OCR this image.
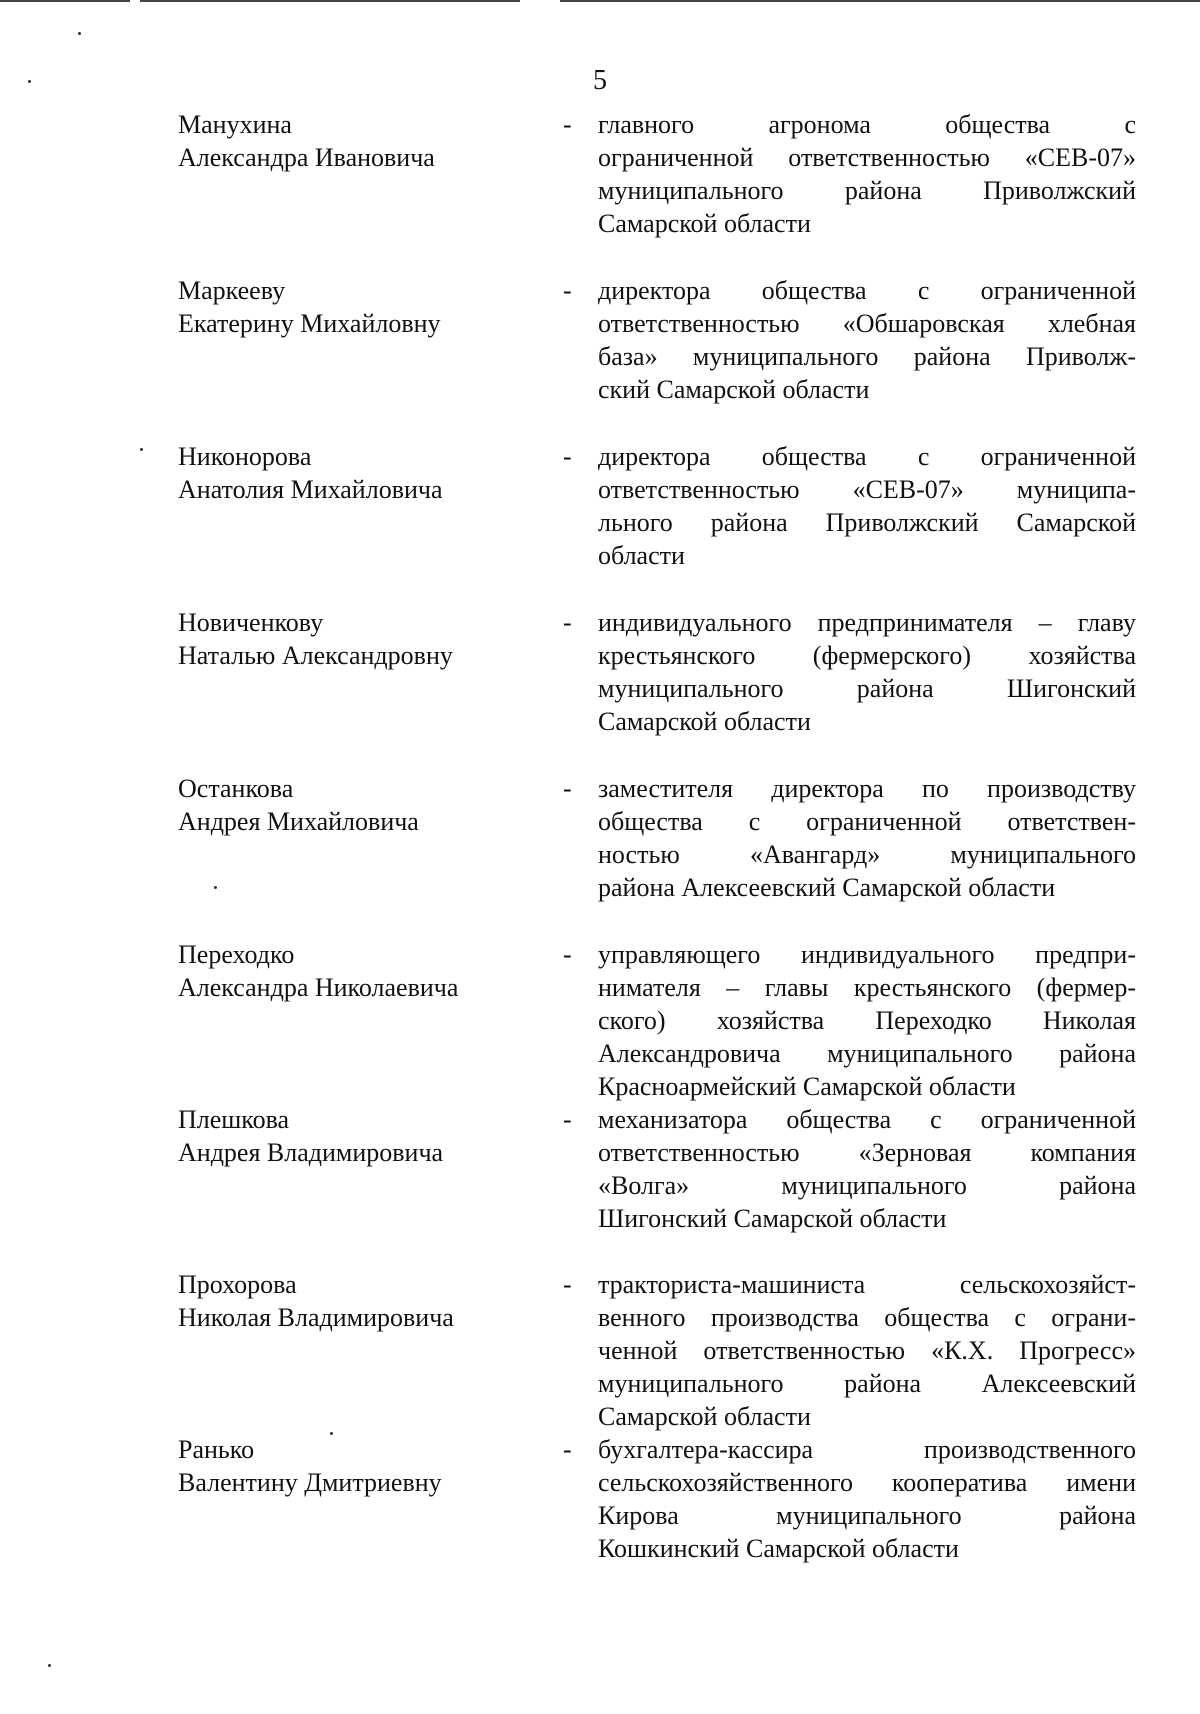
5
Манухина
Александра Ивановича
- главного агронома общества с
ограниченной ответственностью «СЕВ-07»
муниципального района Приволжский
Самарской области
Маркееву
Екатерину Михайловну
- директора общества с ограниченной
ответственностью «Обшаровская хлебная
база» муниципального района Приволж-
ский Самарской области
Никонорова
Анатолия Михайловича
- директора общества с ограниченной
ответственностью «СЕВ-07» муниципа-
льного района Приволжский Самарской
области
Новиченкову
Наталью Александровну
- индивидуального предпринимателя – главу
крестьянского (фермерского) хозяйства
муниципального района Шигонский
Самарской области
Останкова
Андрея Михайловича
- заместителя директора по производству
общества с ограниченной ответствен-
ностью «Авангард» муниципального
района Алексеевский Самарской области
Переходко
Александра Николаевича
- управляющего индивидуального предпри-
нимателя – главы крестьянского (фермер-
ского) хозяйства Переходко Николая
Александровича муниципального района
Красноармейский Самарской области
Плешкова
Андрея Владимировича
- механизатора общества с ограниченной
ответственностью «Зерновая компания
«Волга» муниципального района
Шигонский Самарской области
Прохорова
Николая Владимировича
- тракториста-машиниста сельскохозяйст-
венного производства общества с ограни-
ченной ответственностью «К.Х. Прогресс»
муниципального района Алексеевский
Самарской области
Ранько
Валентину Дмитриевну
- бухгалтера-кассира производственного
сельскохозяйственного кооператива имени
Кирова муниципального района
Кошкинский Самарской области
